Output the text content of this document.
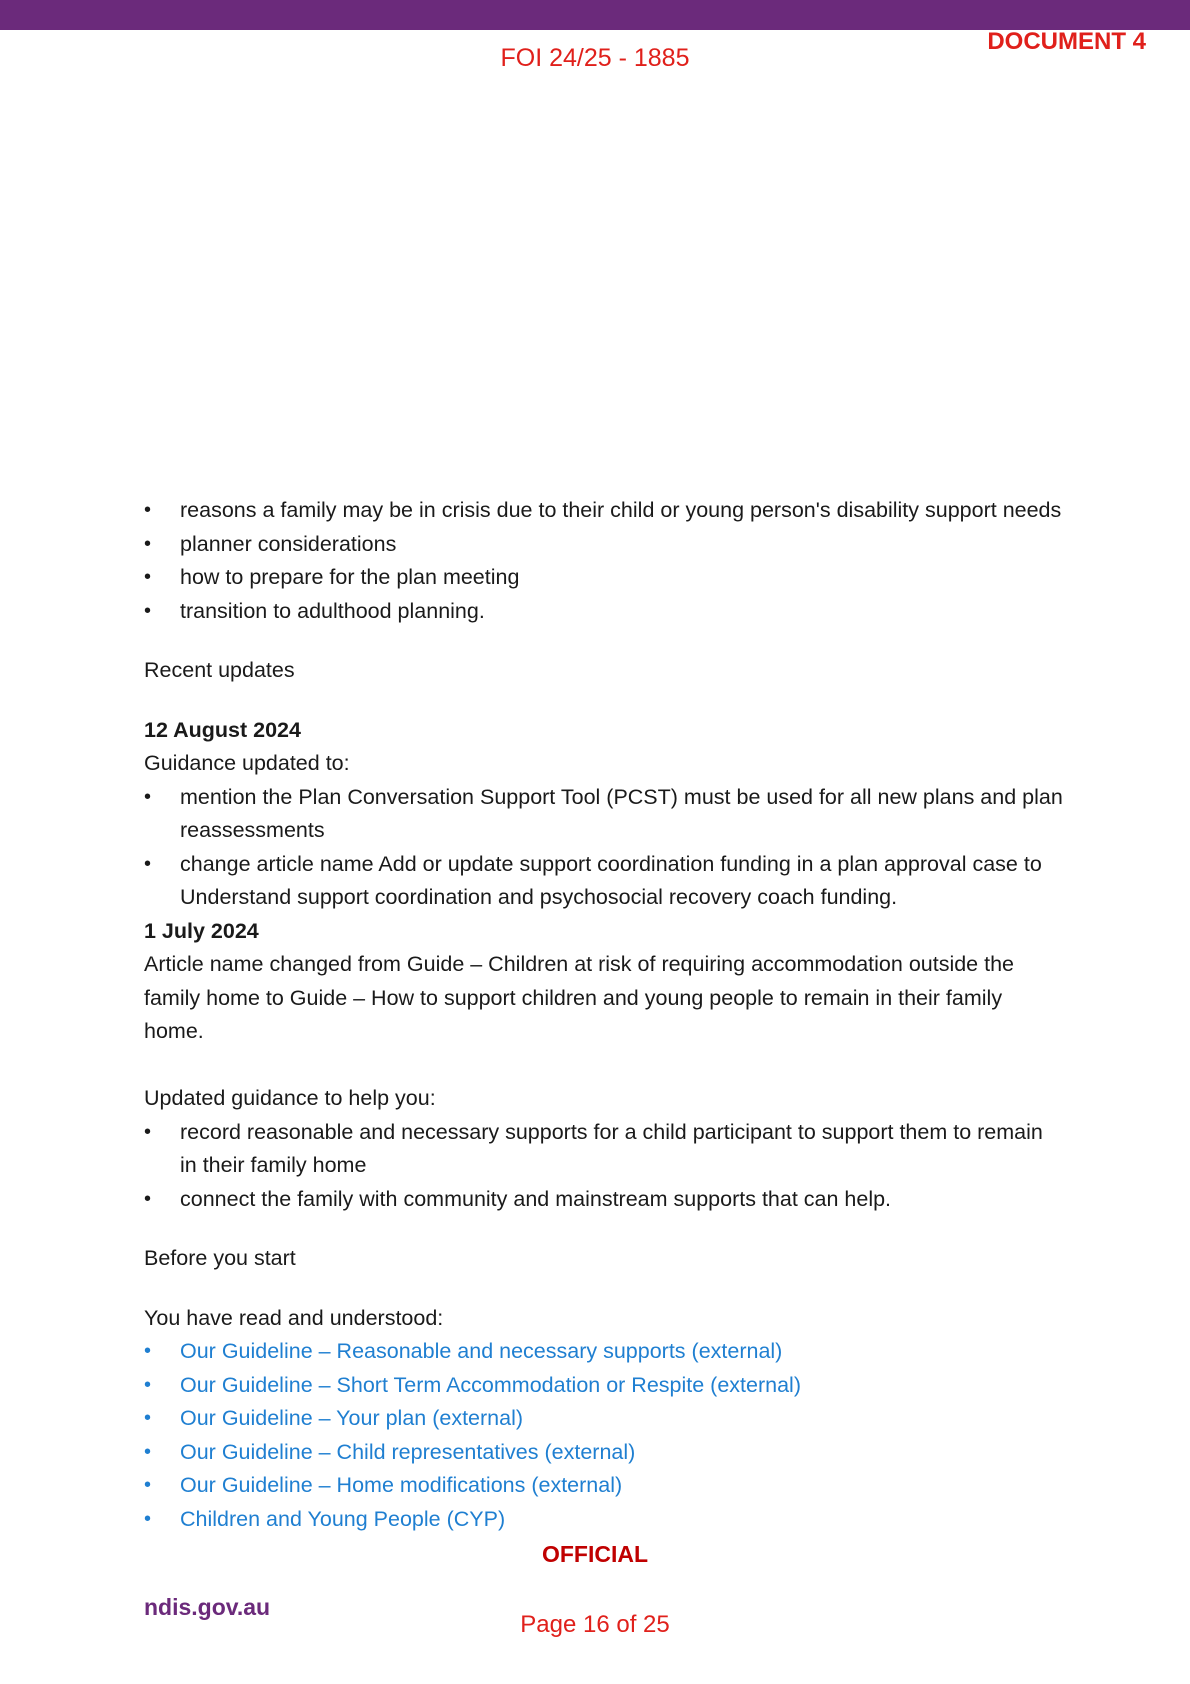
FOI 24/25 - 1885
DOCUMENT 4
•	reasons a family may be in crisis due to their child or young person's disability support needs
•	planner considerations
•	how to prepare for the plan meeting
•	transition to adulthood planning.
Recent updates
12 August 2024
Guidance updated to:
•	mention the Plan Conversation Support Tool (PCST) must be used for all new plans and plan
reassessments
•	change article name Add or update support coordination funding in a plan approval case to
Understand support coordination and psychosocial recovery coach funding.
1 July 2024
Article name changed from Guide – Children at risk of requiring accommodation outside the
family home to Guide – How to support children and young people to remain in their family
home.
Updated guidance to help you:
•	record reasonable and necessary supports for a child participant to support them to remain
in their family home
•	connect the family with community and mainstream supports that can help.
Before you start
You have read and understood:
•	Our Guideline – Reasonable and necessary supports (external)
•	Our Guideline – Short Term Accommodation or Respite (external)
•	Our Guideline – Your plan (external)
•	Our Guideline – Child representatives (external)
•	Our Guideline – Home modifications (external)
•	Children and Young People (CYP)
OFFICIAL
ndis.gov.au
Page 16 of 25
